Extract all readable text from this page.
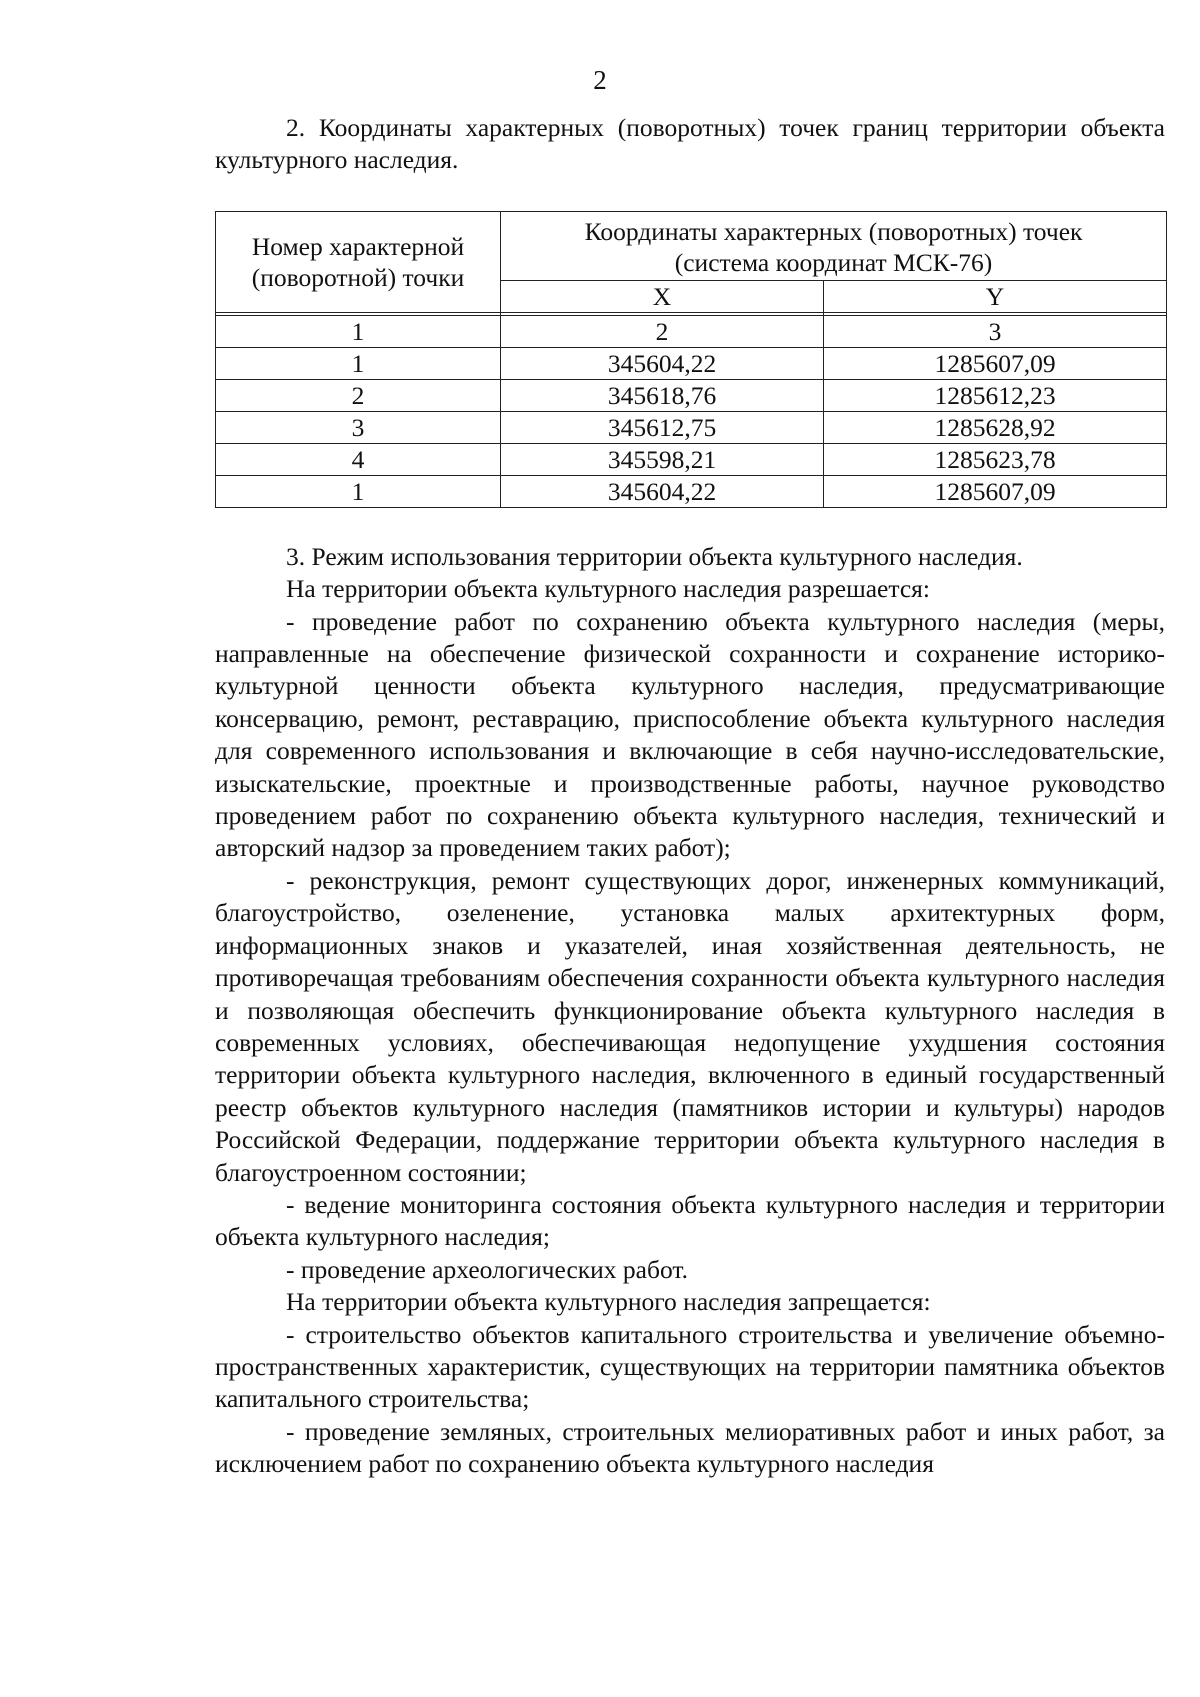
2

2. Координаты характерных (поворотных) точек границ территории объекта культурного наследия.

Номер характерной (поворотной) точки	Координаты характерных (поворотных) точек
(система координат МСК-76)	

	X	Y

1	2	3
1	345604,22	1285607,09
2	345618,76	1285612,23
3	345612,75	1285628,92
4	345598,21	1285623,78
1	345604,22	1285607,09

3. Режим использования территории объекта культурного наследия.

На территории объекта культурного наследия разрешается:

- проведение работ по сохранению объекта культурного наследия (меры, направленные на обеспечение физической сохранности и сохранение историко-культурной ценности объекта культурного наследия, предусматривающие консервацию, ремонт, реставрацию, приспособление объекта культурного наследия для современного использования и включающие в себя научно-исследовательские, изыскательские, проектные и производственные работы, научное руководство проведением работ по сохранению объекта культурного наследия, технический и авторский надзор за проведением таких работ);

- реконструкция, ремонт существующих дорог, инженерных коммуникаций, благоустройство, озеленение, установка малых архитектурных форм, информационных знаков и указателей, иная хозяйственная деятельность, не противоречащая требованиям обеспечения сохранности объекта культурного наследия и позволяющая обеспечить функционирование объекта культурного наследия в современных условиях, обеспечивающая недопущение ухудшения состояния территории объекта культурного наследия, включенного в единый государственный реестр объектов культурного наследия (памятников истории и культуры) народов Российской Федерации, поддержание территории объекта культурного наследия в благоустроенном состоянии;

- ведение мониторинга состояния объекта культурного наследия и территории объекта культурного наследия;

- проведение археологических работ.

На территории объекта культурного наследия запрещается:

- строительство объектов капитального строительства и увеличение объемно-пространственных характеристик, существующих на территории памятника объектов капитального строительства;

- проведение земляных, строительных мелиоративных работ и иных работ, за исключением работ по сохранению объекта культурного наследия
